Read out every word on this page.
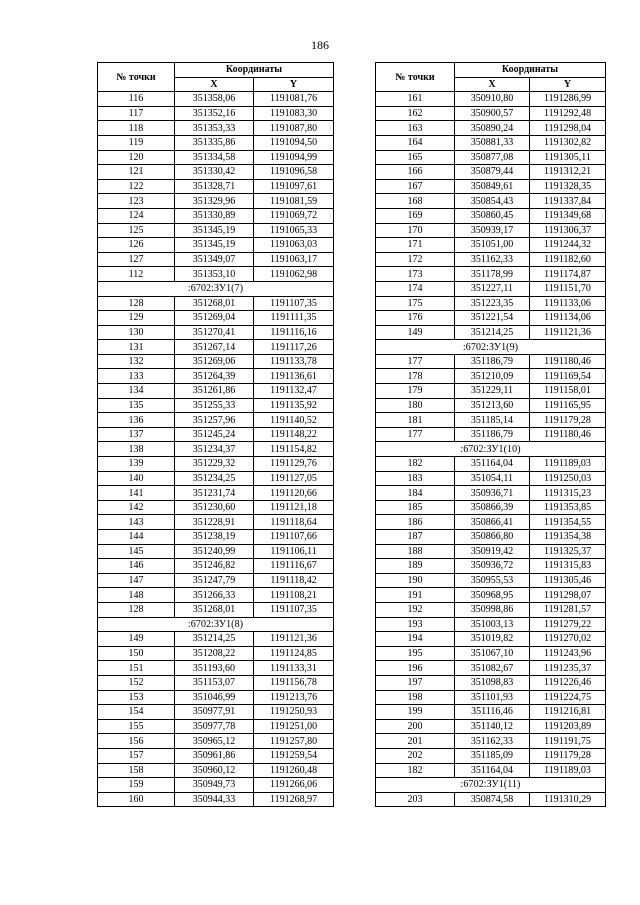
186
№ точки	Координаты	
	X	Y
116	351358,06	1191081,76
117	351352,16	1191083,30
118	351353,33	1191087,80
119	351335,86	1191094,50
120	351334,58	1191094,99
121	351330,42	1191096,58
122	351328,71	1191097,61
123	351329,96	1191081,59
124	351330,89	1191069,72
125	351345,19	1191065,33
126	351345,19	1191063,03
127	351349,07	1191063,17
112	351353,10	1191062,98
:6702:ЗУ1(7)		
128	351268,01	1191107,35
129	351269,04	1191111,35
130	351270,41	1191116,16
131	351267,14	1191117,26
132	351269,06	1191133,78
133	351264,39	1191136,61
134	351261,86	1191132,47
135	351255,33	1191135,92
136	351257,96	1191140,52
137	351245,24	1191148,22
138	351234,37	1191154,82
139	351229,32	1191129,76
140	351234,25	1191127,05
141	351231,74	1191120,66
142	351230,60	1191121,18
143	351228,91	1191118,64
144	351238,19	1191107,66
145	351240,99	1191106,11
146	351246,82	1191116,67
147	351247,79	1191118,42
148	351266,33	1191108,21
128	351268,01	1191107,35
:6702:ЗУ1(8)		
149	351214,25	1191121,36
150	351208,22	1191124,85
151	351193,60	1191133,31
152	351153,07	1191156,78
153	351046,99	1191213,76
154	350977,91	1191250,93
155	350977,78	1191251,00
156	350965,12	1191257,80
157	350961,86	1191259,54
158	350960,12	1191260,48
159	350949,73	1191266,06
160	350944,33	1191268,97
№ точки	Координаты	
	X	Y
161	350910,80	1191286,99
162	350900,57	1191292,48
163	350890,24	1191298,04
164	350881,33	1191302,82
165	350877,08	1191305,11
166	350879,44	1191312,21
167	350849,61	1191328,35
168	350854,43	1191337,84
169	350860,45	1191349,68
170	350939,17	1191306,37
171	351051,00	1191244,32
172	351162,33	1191182,60
173	351178,99	1191174,87
174	351227,11	1191151,70
175	351223,35	1191133,06
176	351221,54	1191134,06
149	351214,25	1191121,36
:6702:ЗУ1(9)		
177	351186,79	1191180,46
178	351210,09	1191169,54
179	351229,11	1191158,01
180	351213,60	1191165,95
181	351185,14	1191179,28
177	351186,79	1191180,46
:6702:ЗУ1(10)		
182	351164,04	1191189,03
183	351054,11	1191250,03
184	350936,71	1191315,23
185	350866,39	1191353,85
186	350866,41	1191354,55
187	350866,80	1191354,38
188	350919,42	1191325,37
189	350936,72	1191315,83
190	350955,53	1191305,46
191	350968,95	1191298,07
192	350998,86	1191281,57
193	351003,13	1191279,22
194	351019,82	1191270,02
195	351067,10	1191243,96
196	351082,67	1191235,37
197	351098,83	1191226,46
198	351101,93	1191224,75
199	351116,46	1191216,81
200	351140,12	1191203,89
201	351162,33	1191191,75
202	351185,09	1191179,28
182	351164,04	1191189,03
:6702:ЗУ1(11)		
203	350874,58	1191310,29
